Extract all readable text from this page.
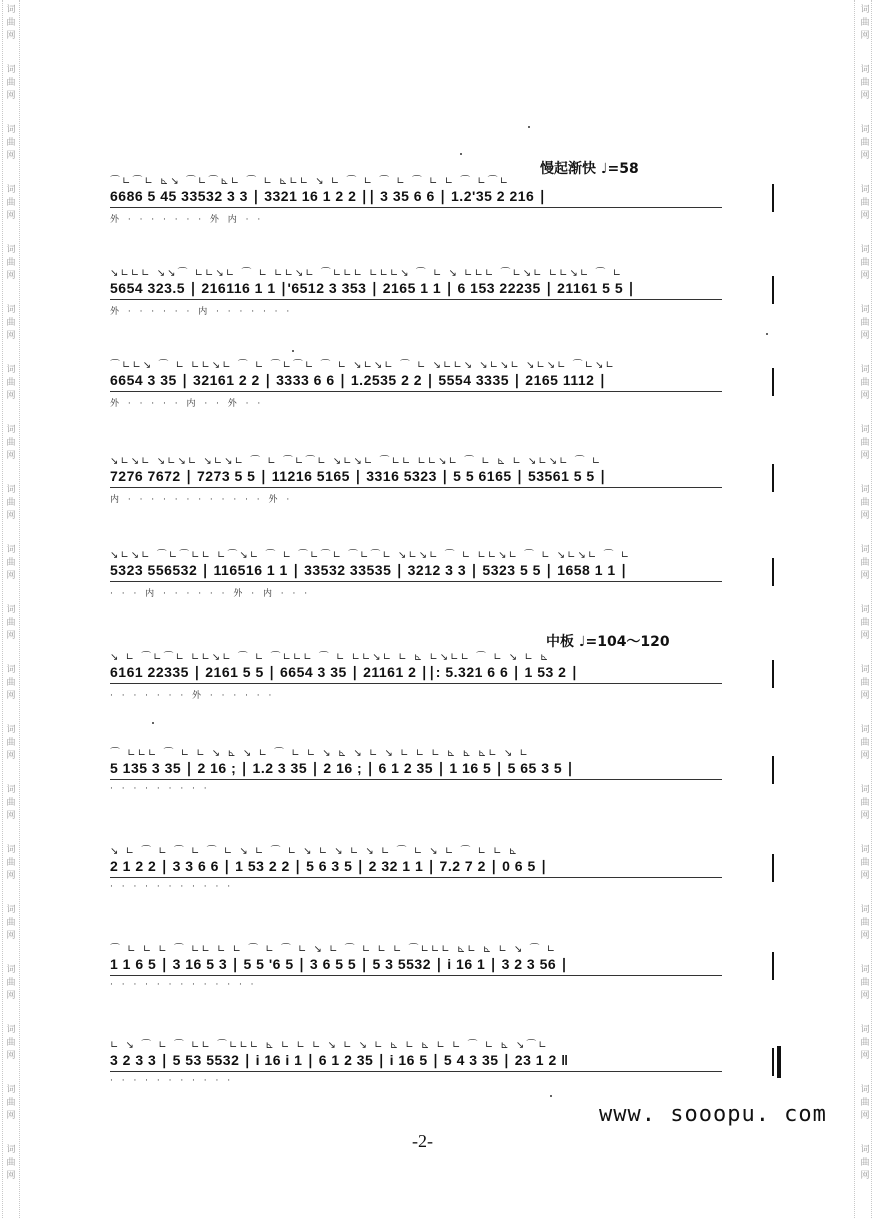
词
曲
网
词
曲
网
词
曲
网
词
曲
网
词
曲
网
词
曲
网
词
曲
网
词
曲
网
词
曲
网
词
曲
网
词
曲
网
词
曲
网
词
曲
网
词
曲
网
词
曲
网
词
曲
网
词
曲
网
词
曲
网
词
曲
网
词
曲
网
词
曲
网
词
曲
网
词
曲
网
词
曲
网
词
曲
网
词
曲
网
词
曲
网
词
曲
网
词
曲
网
词
曲
网
词
曲
网
词
曲
网
词
曲
网
词
曲
网
词
曲
网
词
曲
网
词
曲
网
词
曲
网
词
曲
网
词
曲
网
慢起渐快 ♩=58
中板 ♩=104～120
⌒∟⌒∟ ⊾↘ ⌒∟⌒⊾∟ ⌒ ∟ ⊾∟∟ ↘ ∟ ⌒ ∟ ⌒ ∟ ⌒ ∟ ∟ ⌒ ∟⌒∟
6686 5 45 33532 3 3 ∣ 3321 16 1 2 2 ∣∣ 3 35 6 6 ∣ 1.2'35 2 216 ∣
外 · · · · · · · 外 内 · ·
↘∟∟∟ ↘↘⌒ ∟∟↘∟ ⌒ ∟ ∟∟↘∟ ⌒∟∟∟ ∟∟∟↘ ⌒ ∟ ↘ ∟∟∟ ⌒∟↘∟ ∟∟↘∟ ⌒ ∟
5654 323.5 ∣ 216116 1 1 ∣'6512 3 353 ∣ 2165 1 1 ∣ 6 153 22235 ∣ 21161 5 5 ∣
外 · · · · · · 内 · · · · · · ·
⌒∟∟↘ ⌒ ∟ ∟∟↘∟ ⌒ ∟ ⌒∟⌒∟ ⌒ ∟ ↘∟↘∟ ⌒ ∟ ↘∟∟↘ ↘∟↘∟ ↘∟↘∟ ⌒∟↘∟
6654 3 35 ∣ 32161 2 2 ∣ 3333 6 6 ∣ 1.2535 2 2 ∣ 5554 3335 ∣ 2165 1112 ∣
外 · · · · · 内 · · 外 · ·
↘∟↘∟ ↘∟↘∟ ↘∟↘∟ ⌒ ∟ ⌒∟⌒∟ ↘∟↘∟ ⌒∟∟ ∟∟↘∟ ⌒ ∟ ⊾ ∟ ↘∟↘∟ ⌒ ∟
7276 7672 ∣ 7273 5 5 ∣ 11216 5165 ∣ 3316 5323 ∣ 5 5 6165 ∣ 53561 5 5 ∣
内 · · · · · · · · · · · · 外 ·
↘∟↘∟ ⌒∟⌒∟∟ ∟⌒↘∟ ⌒ ∟ ⌒∟⌒∟ ⌒∟⌒∟ ↘∟↘∟ ⌒ ∟ ∟∟↘∟ ⌒ ∟ ↘∟↘∟ ⌒ ∟
5323 556532 ∣ 116516 1 1 ∣ 33532 33535 ∣ 3212 3 3 ∣ 5323 5 5 ∣ 1658 1 1 ∣
· · · 内 · · · · · · 外 · 内 · · ·
↘ ∟ ⌒∟⌒∟ ∟∟↘∟ ⌒ ∟ ⌒∟∟∟ ⌒ ∟ ∟∟↘∟ ∟ ⊾ ∟↘∟∟ ⌒ ∟ ↘ ∟ ⊾
6161 22335 ∣ 2161 5 5 ∣ 6654 3 35 ∣ 21161 2 ∣∣: 5.321 6 6 ∣ 1 53 2 ∣
· · · · · · · 外 · · · · · ·
⌒ ∟∟∟ ⌒ ∟ ∟ ↘ ⊾ ↘ ∟ ⌒ ∟ ∟ ↘ ⊾ ↘ ∟ ↘ ∟ ∟ ∟ ⊾ ⊾ ⊾∟ ↘ ∟
5 135 3 35 ∣ 2 16 ; ∣ 1.2 3 35 ∣ 2 16 ; ∣ 6 1 2 35 ∣ 1 16 5 ∣ 5 65 3 5 ∣
· · · · · · · · ·
↘ ∟ ⌒ ∟ ⌒ ∟ ⌒ ∟ ↘ ∟ ⌒ ∟ ↘ ∟ ↘ ∟ ↘ ∟ ⌒ ∟ ↘ ∟ ⌒ ∟ ∟ ⊾
2 1 2 2 ∣ 3 3 6 6 ∣ 1 53 2 2 ∣ 5 6 3 5 ∣ 2 32 1 1 ∣ 7.2 7 2 ∣ 0 6 5 ∣
· · · · · · · · · · ·
⌒ ∟ ∟ ∟ ⌒ ∟∟ ∟ ∟ ⌒ ∟ ⌒ ∟ ↘ ∟ ⌒ ∟ ∟ ∟ ⌒∟∟∟ ⊾∟ ⊾ ∟ ↘ ⌒ ∟
1 1 6 5 ∣ 3 16 5 3 ∣ 5 5 '6 5 ∣ 3 6 5 5 ∣ 5 3 5532 ∣ i 16 1 ∣ 3 2 3 56 ∣
· · · · · · · · · · · · ·
∟ ↘ ⌒ ∟ ⌒ ∟∟ ⌒∟∟∟ ⊾ ∟ ∟ ∟ ↘ ∟ ↘ ∟ ⊾ ∟ ⊾ ∟ ∟ ⌒ ∟ ⊾ ↘⌒∟
3 2 3 3 ∣ 5 53 5532 ∣ i 16 i 1 ∣ 6 1 2 35 ∣ i 16 5 ∣ 5 4 3 35 ∣ 23 1 2 ‖
· · · · · · · · · · ·
www. sooopu. com
-2-
